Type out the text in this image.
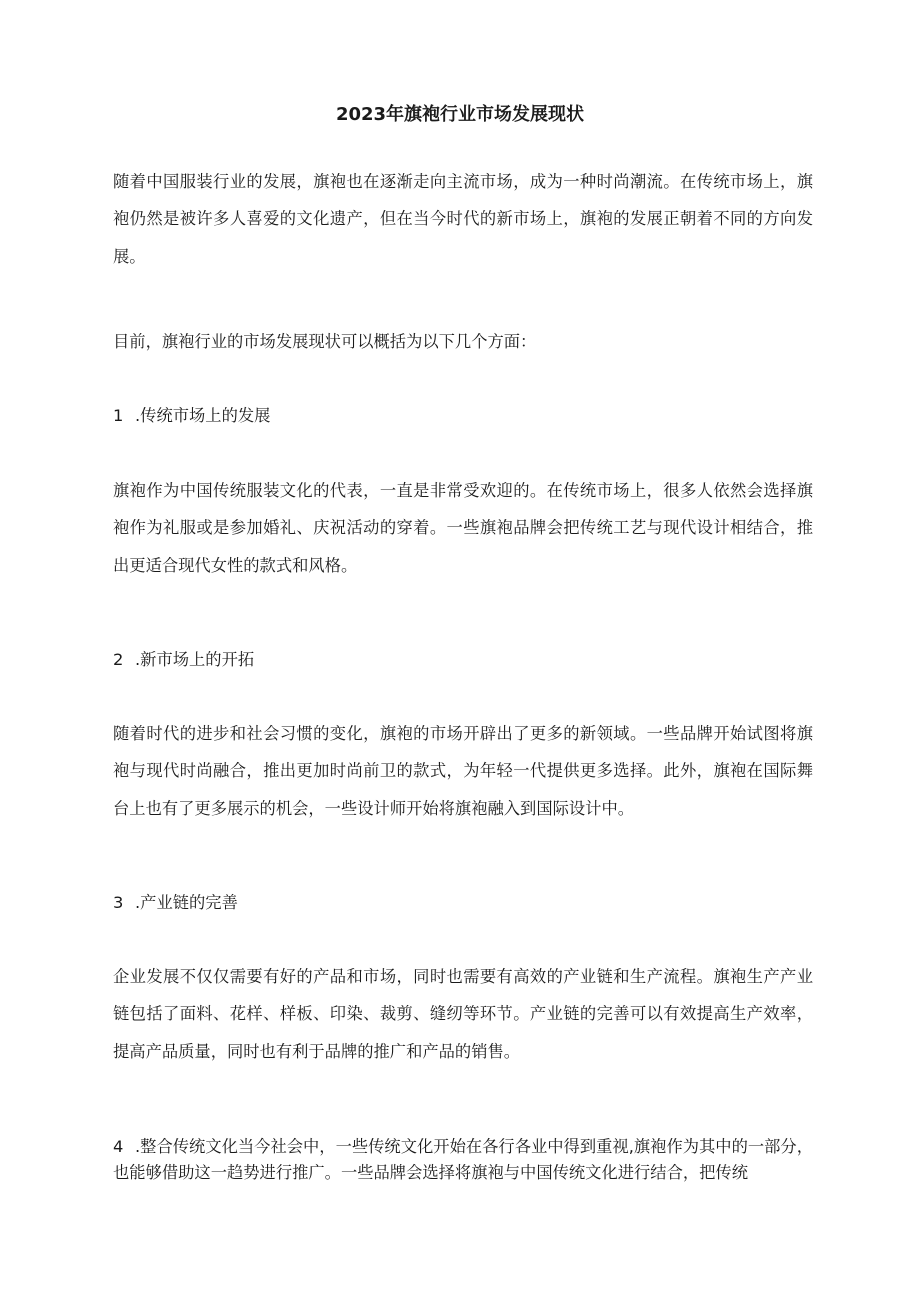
2023年旗袍行业市场发展现状

随着中国服装行业的发展，旗袍也在逐渐走向主流市场，成为一种时尚潮流。在传统市场上，旗袍仍然是被许多人喜爱的文化遗产，但在当今时代的新市场上，旗袍的发展正朝着不同的方向发展。

目前，旗袍行业的市场发展现状可以概括为以下几个方面：

1 .传统市场上的发展

旗袍作为中国传统服装文化的代表，一直是非常受欢迎的。在传统市场上，很多人依然会选择旗袍作为礼服或是参加婚礼、庆祝活动的穿着。一些旗袍品牌会把传统工艺与现代设计相结合，推出更适合现代女性的款式和风格。

2 .新市场上的开拓

随着时代的进步和社会习惯的变化，旗袍的市场开辟出了更多的新领域。一些品牌开始试图将旗袍与现代时尚融合，推出更加时尚前卫的款式，为年轻一代提供更多选择。此外，旗袍在国际舞台上也有了更多展示的机会，一些设计师开始将旗袍融入到国际设计中。

3 .产业链的完善

企业发展不仅仅需要有好的产品和市场，同时也需要有高效的产业链和生产流程。旗袍生产产业链包括了面料、花样、样板、印染、裁剪、缝纫等环节。产业链的完善可以有效提高生产效率，提高产品质量，同时也有利于品牌的推广和产品的销售。

4 .整合传统文化当今社会中，一些传统文化开始在各行各业中得到重视,旗袍作为其中的一部分，也能够借助这一趋势进行推广。一些品牌会选择将旗袍与中国传统文化进行结合，把传统
